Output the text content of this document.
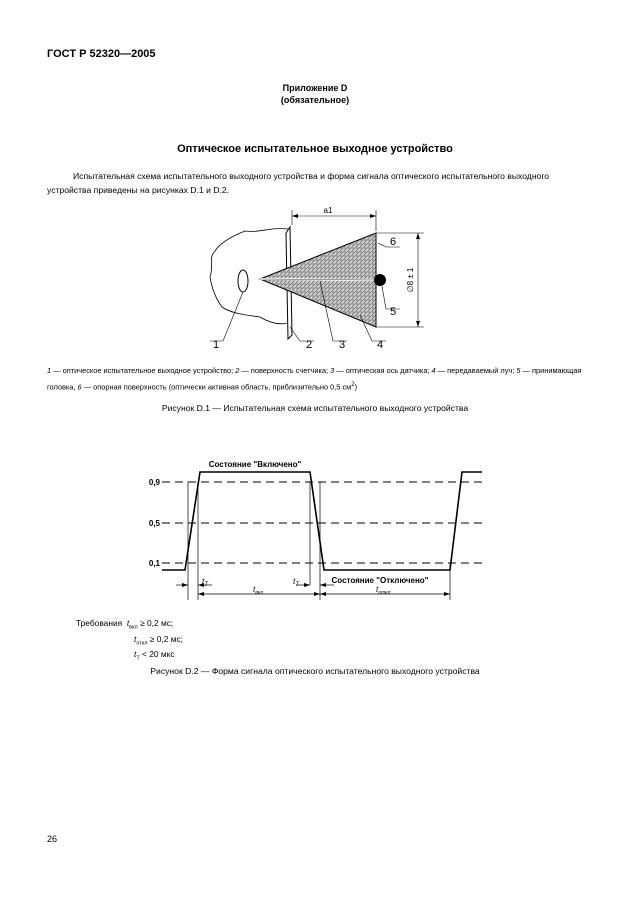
ГОСТ Р 52320—2005
Приложение D
(обязательное)
Оптическое испытательное выходное устройство
Испытательная схема испытательного выходного устройства и форма сигнала оптического испытательного выходного устройства приведены на рисунках D.1 и D.2.
a1
∅8 ± 1
1	2 3	4
5
6
1 — оптическое испытательное выходное устройство; 2 — поверхность счетчика; 3 — оптическая ось датчика; 4 — передаваемый луч; 5 — принимающая головка, 6 — опорная поверхность (оптически активная область, приблизительно 0,5 $см^2$)
Рисунок D.1 — Испытательная схема испытательного выходного устройства
0,9
0,5
0,1
Состояние "Включено"
Состояние "Отключено"
$t_T$	$t_T$
$t_{вкл}$	$t_{откл}$
Требования $t_{вкл} \ge 0,2$ мс;
$t_{откл} \ge 0,2$ мс;
$t_T < 20$ мкс
Рисунок D.2 — Форма сигнала оптического испытательного выходного устройства
26
